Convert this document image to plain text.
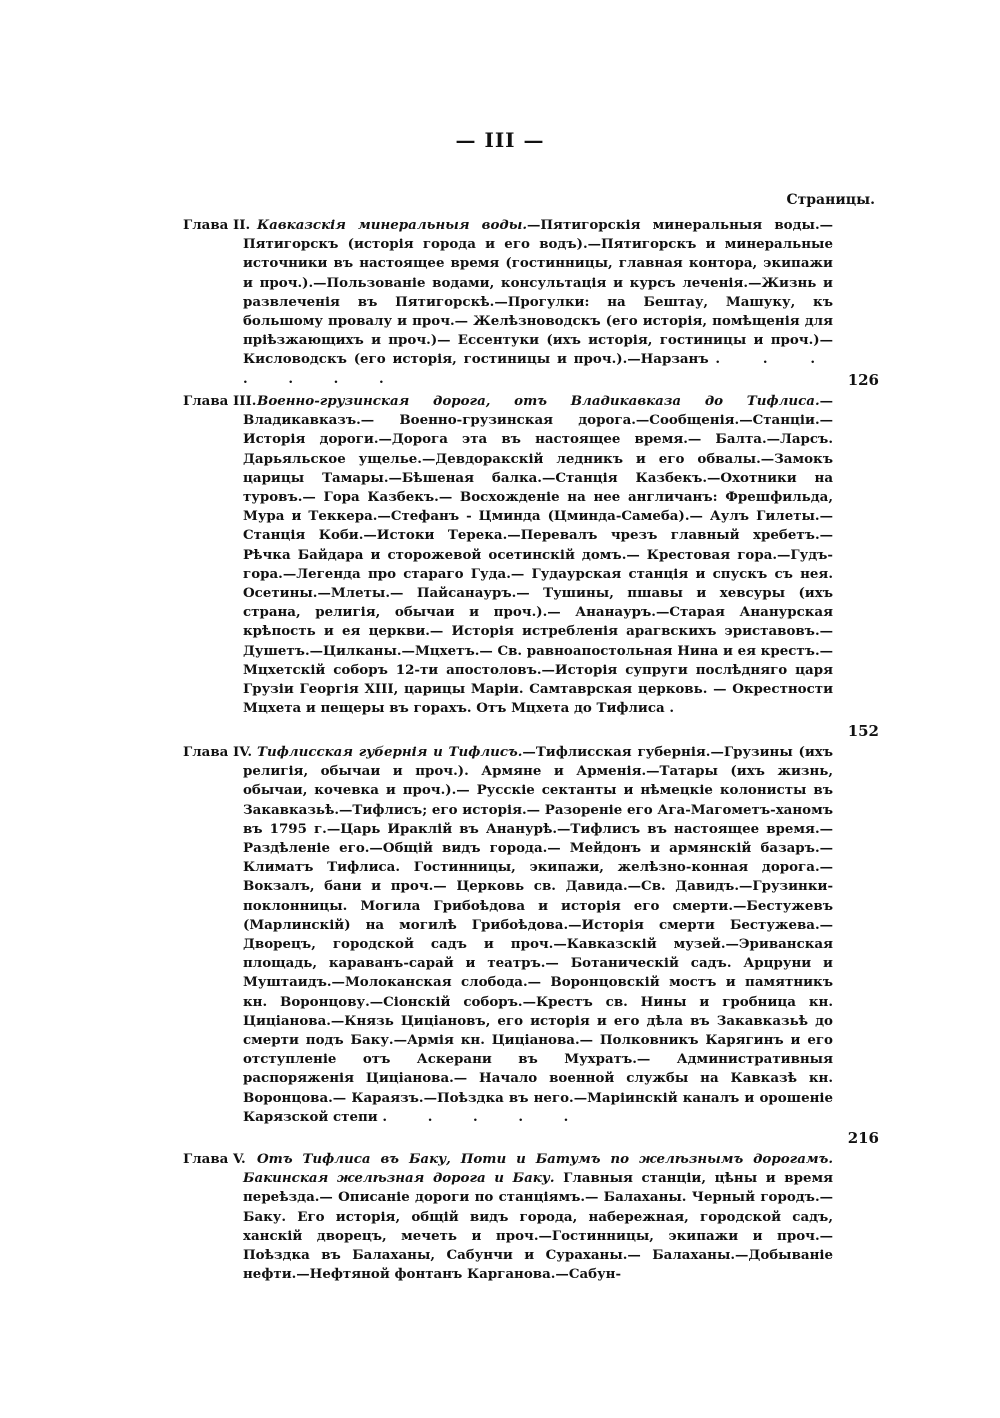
— III —
Страницы.
Глава II. Кавказскія минеральныя воды.—Пятигорскія минеральныя воды.— Пятигорскъ (исторія города и его водъ).—Пятигорскъ и минеральные источники въ настоящее время (гостинницы, главная контора, экипажи и проч.).—Пользованіе водами, консультація и курсъ леченія.—Жизнь и развлеченія въ Пятигорскѣ.—Прогулки: на Бештау, Машуку, къ большому провалу и проч.— Желѣзноводскъ (его исторія, помѣщенія для пріѣзжающихъ и проч.)— Ессентуки (ихъ исторія, гостиницы и проч.)— Кисловодскъ (его исторія, гостиницы и проч.).—Нарзанъ . . . . . . .	126
Глава III. Военно-грузинская дорога, отъ Владикавказа до Тифлиса.— Владикавказъ.— Военно-грузинская дорога.—Сообщенія.—Станціи.— Исторія дороги.—Дорога эта въ настоящее время.— Балта.—Ларсъ. Дарьяльское ущелье.—Девдоракскій ледникъ и его обвалы.—Замокъ царицы Тамары.—Бѣшеная балка.—Станція Казбекъ.—Охотники на туровъ.— Гора Казбекъ.— Восхожденіе на нее англичанъ: Фрешфильда, Мура и Теккера.—Стефанъ - Цминда (Цминда-Самеба).— Аулъ Гилеты.— Станція Коби.—Истоки Терека.—Перевалъ чрезъ главный хребетъ.—Рѣчка Байдара и сторожевой осетинскій домъ.— Крестовая гора.—Гудъ-гора.—Легенда про стараго Гуда.— Гудаурская станція и спускъ съ нея. Осетины.—Млеты.— Пайсанауръ.— Тушины, пшавы и хевсуры (ихъ страна, религія, обычаи и проч.).— Ананауръ.—Старая Ананурская крѣпость и ея церкви.— Исторія истребленія арагвскихъ эриставовъ.—Душетъ.—Цилканы.—Мцхетъ.— Св. равноапостольная Нина и ея крестъ.—Мцхетскій соборъ 12-ти апостоловъ.—Исторія супруги послѣдняго царя Грузіи Георгія XIII, царицы Маріи. Самтаврская церковь. — Окрестности Мцхета и пещеры въ горахъ. Отъ Мцхета до Тифлиса .
152
Глава IV. Тифлисская губернія и Тифлисъ.—Тифлисская губернія.—Грузины (ихъ религія, обычаи и проч.). Армяне и Арменія.—Татары (ихъ жизнь, обычаи, кочевка и проч.).— Русскіе сектанты и нѣмецкіе колонисты въ Закавказьѣ.—Тифлисъ; его исторія.— Разореніе его Ага-Магометъ-ханомъ въ 1795 г.—Царь Ираклій въ Ананурѣ.—Тифлисъ въ настоящее время.—Раздѣленіе его.—Общій видъ города.— Мейдонъ и армянскій базаръ.—Климатъ Тифлиса. Гостинницы, экипажи, желѣзно-конная дорога.—Вокзалъ, бани и проч.— Церковь св. Давида.—Св. Давидъ.—Грузинки-поклонницы. Могила Грибоѣдова и исторія его смерти.—Бестужевъ (Марлинскій) на могилѣ Грибоѣдова.—Исторія смерти Бестужева.—Дворецъ, городской садъ и проч.—Кавказскій музей.—Эриванская площадь, караванъ-сарай и театръ.— Ботаническій садъ. Арцруни и Муштаидъ.—Молоканская слобода.— Воронцовскій мостъ и памятникъ кн. Воронцову.—Сіонскій соборъ.—Крестъ св. Нины и гробница кн. Цицiанова.—Князь Цицiановъ, его исторія и его дѣла въ Закавказьѣ до смерти подъ Баку.—Армія кн. Цицiанова.— Полковникъ Карягинъ и его отступленіе отъ Аскерани въ Мухратъ.— Административныя распоряженія Цицiанова.— Начало военной службы на Кавказѣ кн. Воронцова.— Караязъ.—Поѣздка въ него.—Маріинскій каналъ и орошеніе Карязской степи . . . . .
216
Глава V. Отъ Тифлиса въ Баку, Поти и Батумъ по желѣзнымъ дорогамъ. Бакинская желѣзная дорога и Баку. Главныя станціи, цѣны и время переѣзда.— Описаніе дороги по станціямъ.— Балаханы. Черный городъ.— Баку. Его исторія, общій видъ города, набережная, городской садъ, ханскій дворецъ, мечеть и проч.—Гостинницы, экипажи и проч.— Поѣздка въ Балаханы, Сабунчи и Сураханы.— Балаханы.—Добываніе нефти.—Нефтяной фонтанъ Карганова.—Сабун-
